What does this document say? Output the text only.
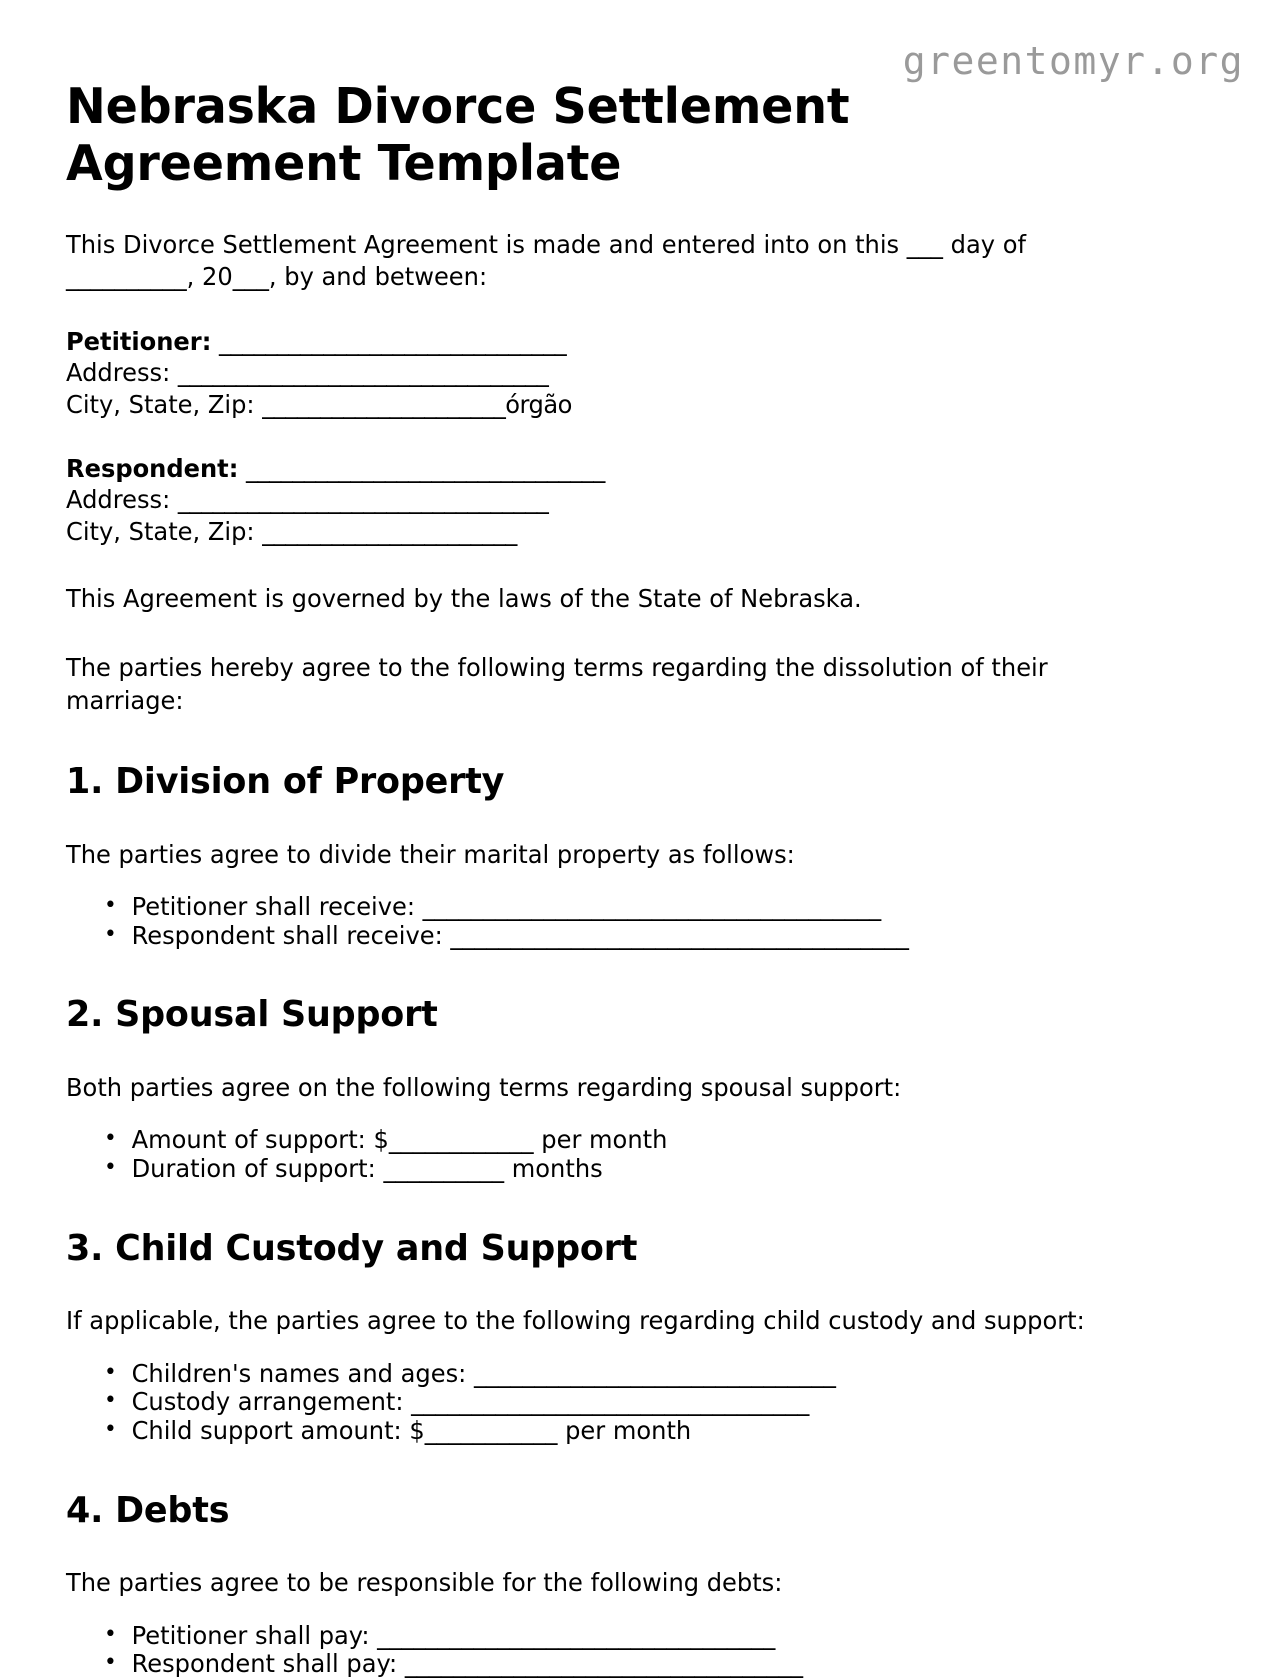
greentomyr.org
Nebraska Divorce Settlement Agreement Template

This Divorce Settlement Agreement is made and entered into on this ___ day of __________, 20___, by and between:

Petitioner: ______________________________
Address: ________________________________
City, State, Zip: _____________________órgão
Respondent: _______________________________
Address: ________________________________
City, State, Zip: ______________________

This Agreement is governed by the laws of the State of Nebraska.

The parties hereby agree to the following terms regarding the dissolution of their marriage:

1. Division of Property

The parties agree to divide their marital property as follows:

• Petitioner shall receive: ______________________________________
• Respondent shall receive: ______________________________________
2. Spousal Support

Both parties agree on the following terms regarding spousal support:

• Amount of support: $____________ per month
• Duration of support: __________ months
3. Child Custody and Support

If applicable, the parties agree to the following regarding child custody and support:

• Children's names and ages: ______________________________
• Custody arrangement: _________________________________
• Child support amount: $___________ per month
4. Debts

The parties agree to be responsible for the following debts:

• Petitioner shall pay: _________________________________
• Respondent shall pay: _________________________________
